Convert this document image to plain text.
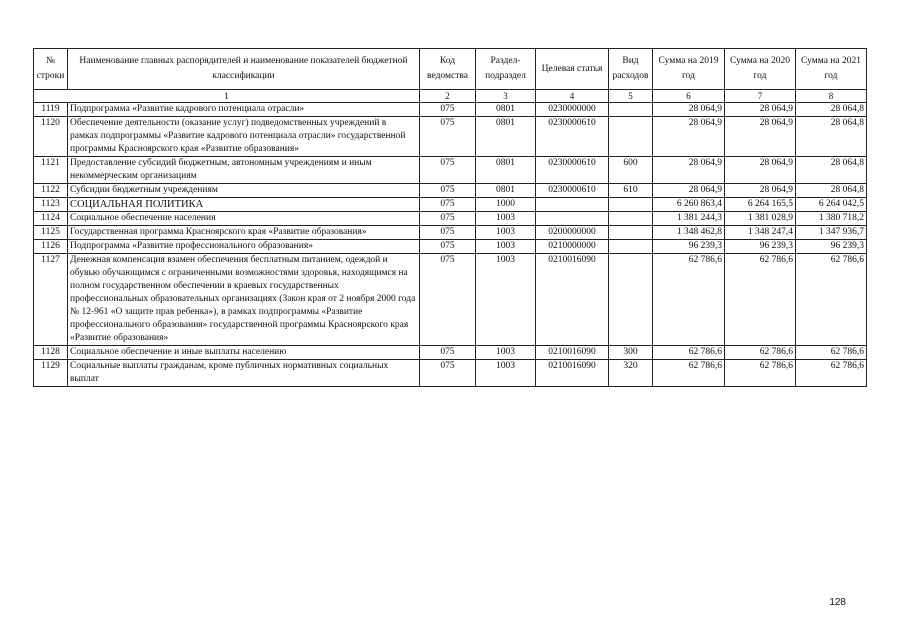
№ строки	Наименование главных распорядителей и наименование показателей бюджетной классификации	Код ведомства	Раздел-подраздел	Целевая статья	Вид расходов	Сумма на 2019 год	Сумма на 2020 год	Сумма на 2021 год
1		2	3	4	5	6	7	8
1119	Подпрограмма «Развитие кадрового потенциала отрасли»	075	0801	0230000000		28 064,9	28 064,9	28 064,8
1120	Обеспечение деятельности (оказание услуг) подведомственных учреждений в рамках подпрограммы «Развитие кадрового потенциала отрасли» государственной программы Красноярского края «Развитие образования»	075	0801	0230000610		28 064,9	28 064,9	28 064,8
1121	Предоставление субсидий бюджетным, автономным учреждениям и иным некоммерческим организациям	075	0801	0230000610	600	28 064,9	28 064,9	28 064,8
1122	Субсидии бюджетным учреждениям	075	0801	0230000610	610	28 064,9	28 064,9	28 064,8
1123	СОЦИАЛЬНАЯ ПОЛИТИКА	075	1000			6 260 863,4	6 264 165,5	6 264 042,5
1124	Социальное обеспечение населения	075	1003			1 381 244,3	1 381 028,9	1 380 718,2
1125	Государственная программа Красноярского края «Развитие образования»	075	1003	0200000000		1 348 462,8	1 348 247,4	1 347 936,7
1126	Подпрограмма «Развитие профессионального образования»	075	1003	0210000000		96 239,3	96 239,3	96 239,3
1127	Денежная компенсация взамен обеспечения бесплатным питанием, одеждой и обувью обучающимся с ограниченными возможностями здоровья, находящимся на полном государственном обеспечении в краевых государственных профессиональных образовательных организациях (Закон края от 2 ноября 2000 года № 12-961 «О защите прав ребенка»), в рамках подпрограммы «Развитие профессионального образования» государственной программы Красноярского края «Развитие образования»	075	1003	0210016090		62 786,6	62 786,6	62 786,6
1128	Социальное обеспечение и иные выплаты населению	075	1003	0210016090	300	62 786,6	62 786,6	62 786,6
1129	Социальные выплаты гражданам, кроме публичных нормативных социальных выплат	075	1003	0210016090	320	62 786,6	62 786,6	62 786,6
128
